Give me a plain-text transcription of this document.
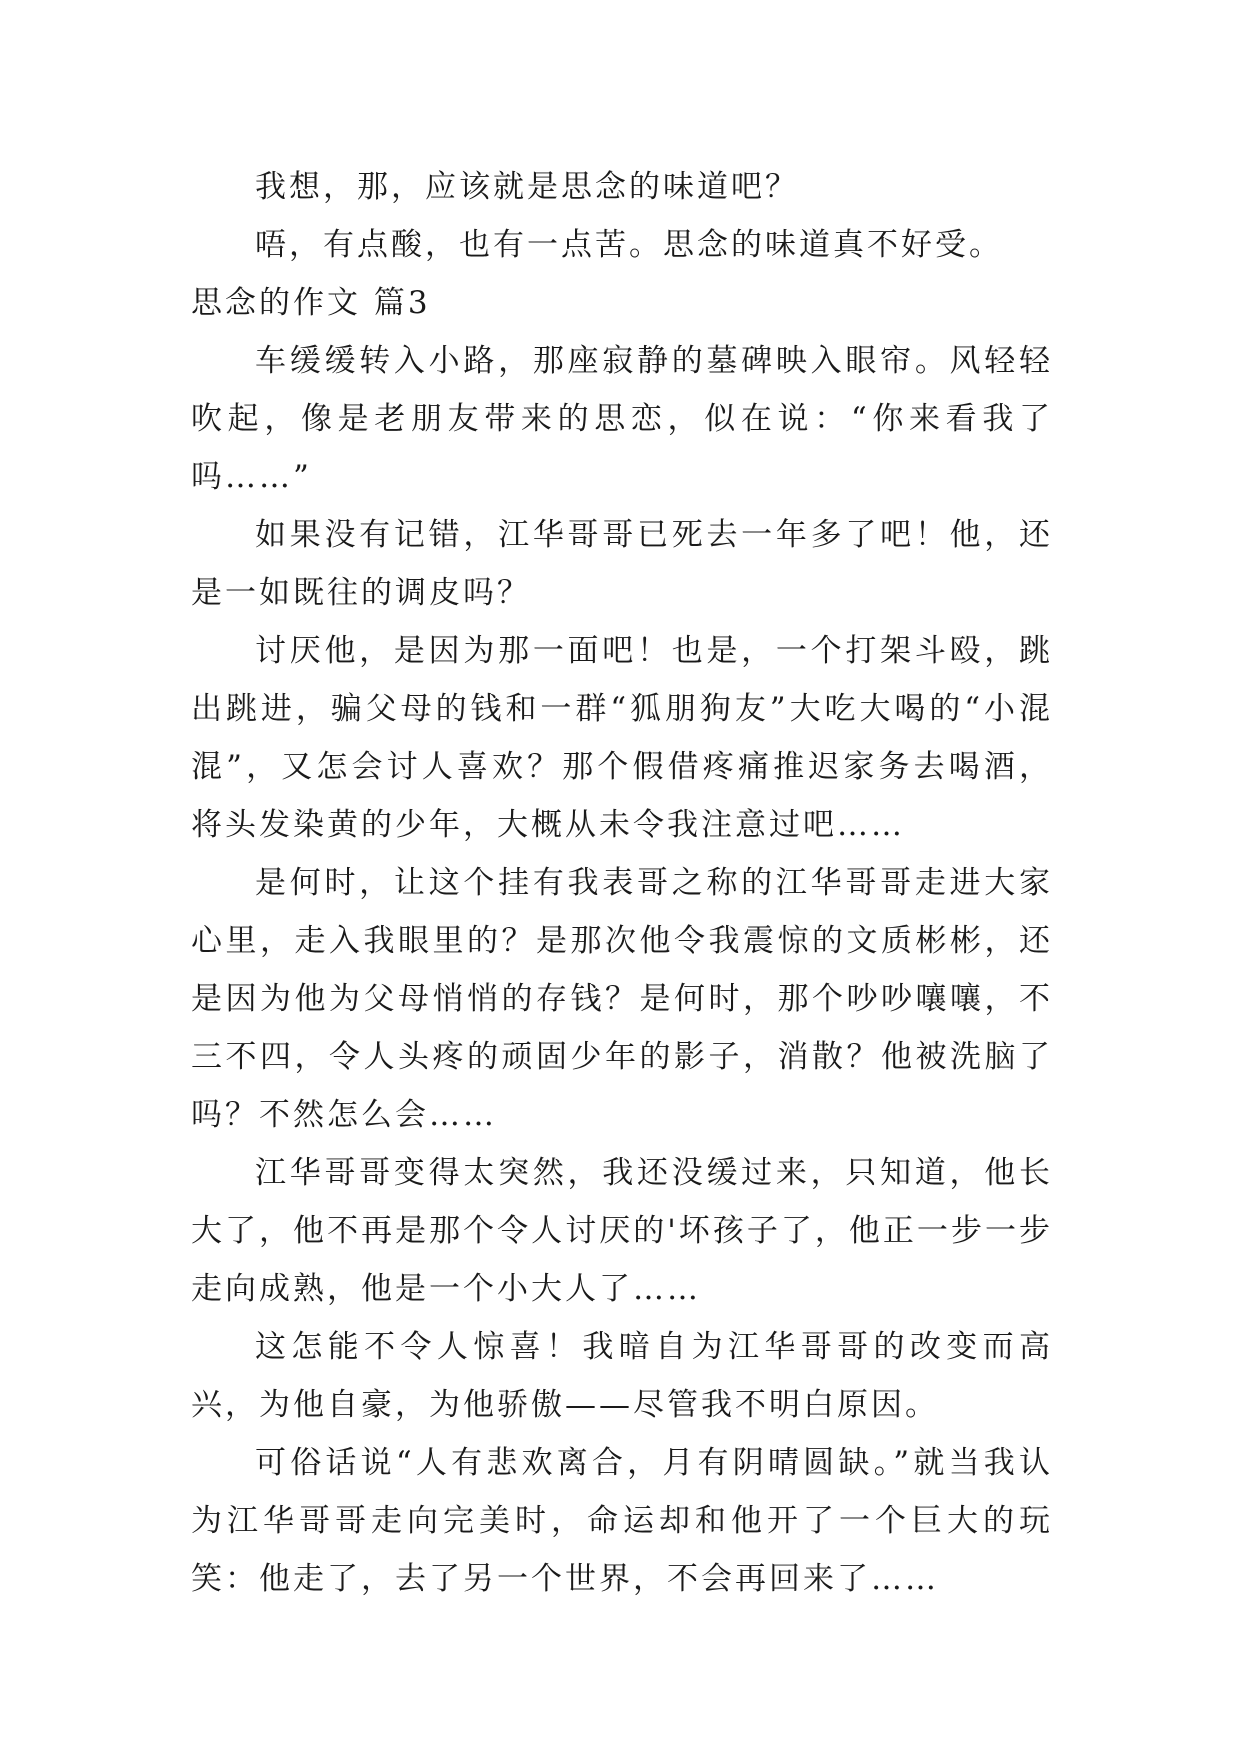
我想，那，应该就是思念的味道吧？

唔，有点酸，也有一点苦。思念的味道真不好受。

思念的作文 篇3

车缓缓转入小路，那座寂静的墓碑映入眼帘。风轻轻吹起，像是老朋友带来的思恋，似在说：“你来看我了吗……”

如果没有记错，江华哥哥已死去一年多了吧！他，还是一如既往的调皮吗？

讨厌他，是因为那一面吧！也是，一个打架斗殴，跳出跳进，骗父母的钱和一群“狐朋狗友”大吃大喝的“小混混”，又怎会讨人喜欢？那个假借疼痛推迟家务去喝酒，将头发染黄的少年，大概从未令我注意过吧……

是何时，让这个挂有我表哥之称的江华哥哥走进大家心里，走入我眼里的？是那次他令我震惊的文质彬彬，还是因为他为父母悄悄的存钱？是何时，那个吵吵嚷嚷，不三不四，令人头疼的顽固少年的影子，消散？他被洗脑了吗？不然怎么会……

江华哥哥变得太突然，我还没缓过来，只知道，他长大了，他不再是那个令人讨厌的'坏孩子了，他正一步一步走向成熟，他是一个小大人了……

这怎能不令人惊喜！我暗自为江华哥哥的改变而高兴，为他自豪，为他骄傲——尽管我不明白原因。

可俗话说“人有悲欢离合，月有阴晴圆缺。”就当我认为江华哥哥走向完美时，命运却和他开了一个巨大的玩笑：他走了，去了另一个世界，不会再回来了……
